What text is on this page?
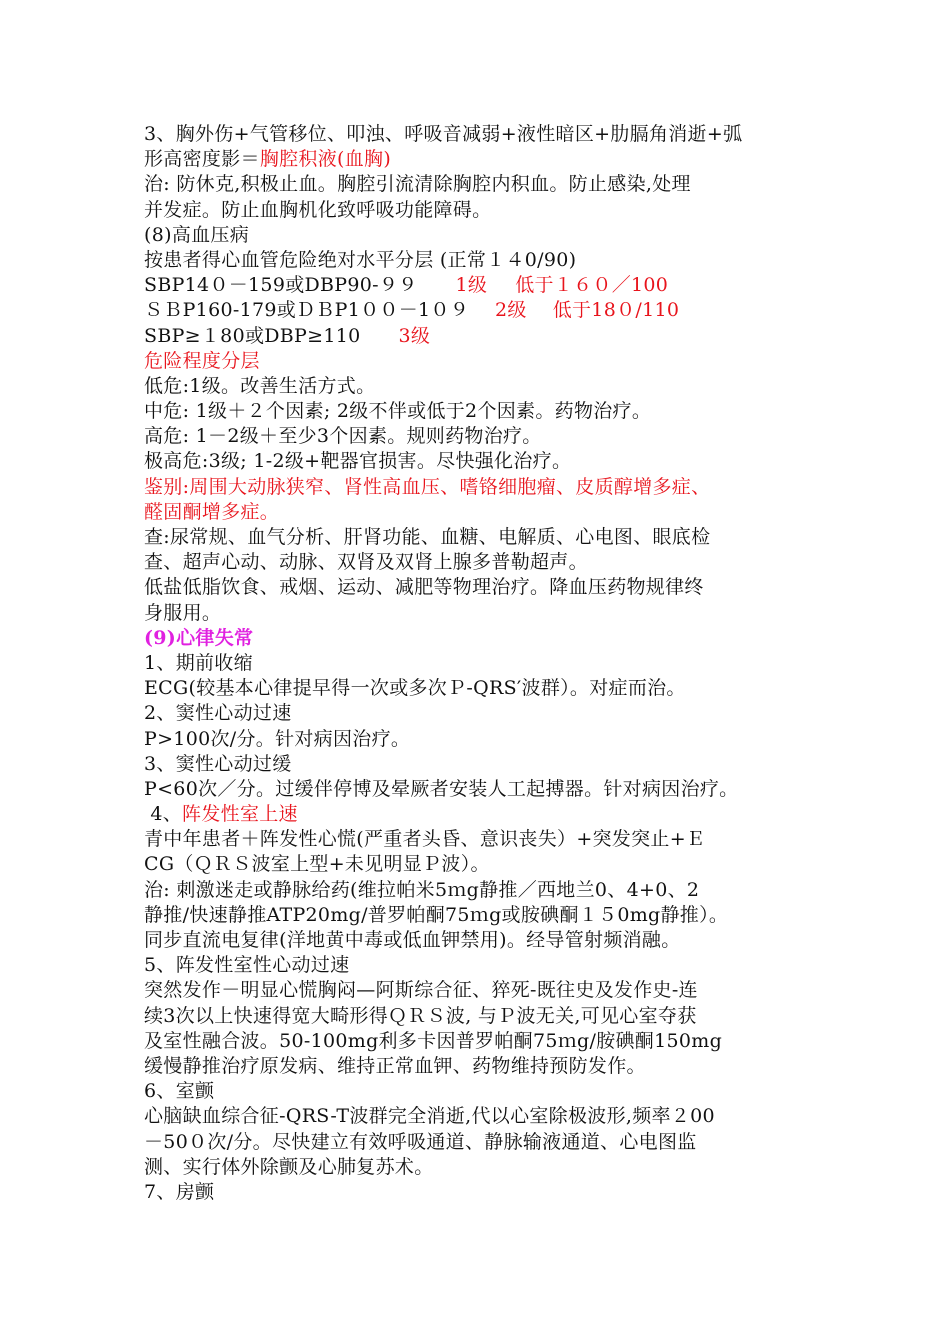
3、胸外伤+气管移位、叩浊、呼吸音减弱+液性暗区+肋膈角消逝+弧
形高密度影＝胸腔积液(血胸)
治: 防休克,积极止血。胸腔引流清除胸腔内积血。防止感染,处理
并发症。防止血胸机化致呼吸功能障碍。
(8)高血压病
按患者得心血管危险绝对水平分层 (正常１４0/90)
SBP14０－159或DBP90-９９ 1级 低于１６０／100
ＳＢP160-179或ＤＢP1００－1０９ 2级 低于18０/110
SBP≥１80或DBP≥110 3级
危险程度分层
低危:1级。改善生活方式。
中危: 1级＋２个因素; 2级不伴或低于2个因素。药物治疗。
高危: 1－2级＋至少3个因素。规则药物治疗。
极高危:3级; 1-2级+靶器官损害。尽快强化治疗。
鉴别:周围大动脉狭窄、肾性高血压、嗜铬细胞瘤、皮质醇增多症、
醛固酮增多症。
查:尿常规、血气分析、肝肾功能、血糖、电解质、心电图、眼底检
查、超声心动、动脉、双肾及双肾上腺多普勒超声。
低盐低脂饮食、戒烟、运动、减肥等物理治疗。降血压药物规律终
身服用。
(9)心律失常
1、期前收缩
ECG(较基本心律提早得一次或多次Ｐ-QRS′波群）。对症而治。
2、窦性心动过速
P>100次/分。针对病因治疗。
3、窦性心动过缓
P<60次／分。过缓伴停博及晕厥者安装人工起搏器。针对病因治疗。
4、阵发性室上速
青中年患者＋阵发性心慌(严重者头昏、意识丧失）+突发突止+Ｅ
CG（ＱＲＳ波室上型+未见明显Ｐ波）。
治: 刺激迷走或静脉给药(维拉帕米5ｍg静推／西地兰0、4+0、2
静推/快速静推ATP20mg/普罗帕酮75ｍg或胺碘酮１５0mg静推）。
同步直流电复律(洋地黄中毒或低血钾禁用)。经导管射频消融。
5、阵发性室性心动过速
突然发作－明显心慌胸闷—阿斯综合征、猝死-既往史及发作史-连
续3次以上快速得宽大畸形得ＱＲＳ波, 与Ｐ波无关,可见心室夺获
及室性融合波。50-100mg利多卡因普罗帕酮75ｍg/胺碘酮150mg
缓慢静推治疗原发病、维持正常血钾、药物维持预防发作。
6、室颤
心脑缺血综合征-QRS-T波群完全消逝,代以心室除极波形,频率２00
－50０次/分。尽快建立有效呼吸通道、静脉输液通道、心电图监
测、实行体外除颤及心肺复苏术。
7、房颤
